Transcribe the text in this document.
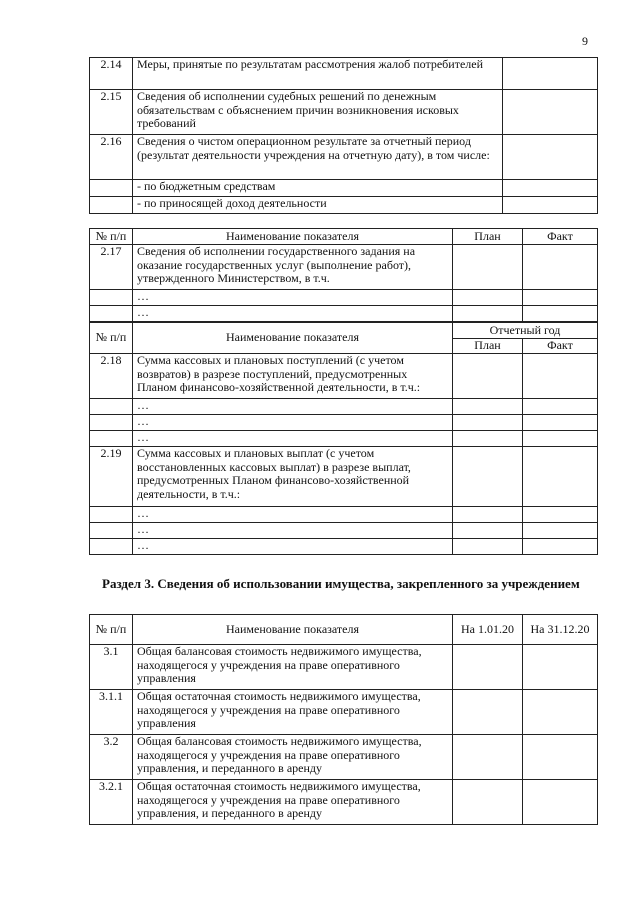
9
2.14	Меры, принятые по результатам рассмотрения жалоб потребителей		
2.15	Сведения об исполнении судебных решений по денежным обязательствам с объяснением причин возникновения исковых требований		
2.16	Сведения о чистом операционном результате за отчетный период (результат деятельности учреждения на отчетную дату), в том числе:		
	- по бюджетным средствам		
	- по приносящей доход деятельности		
№ п/п	Наименование показателя	План	Факт
2.17	Сведения об исполнении государственного задания на оказание государственных услуг (выполнение работ), утвержденного Министерством, в т.ч.		
	…		
	…		
№ п/п	Наименование показателя	Отчетный год	
		План	Факт
2.18	Сумма кассовых и плановых поступлений (с учетом возвратов) в разрезе поступлений, предусмотренных Планом финансово-хозяйственной деятельности, в т.ч.:		
	…		
	…		
	…		
2.19	Сумма кассовых и плановых выплат (с учетом восстановленных кассовых выплат) в разрезе выплат, предусмотренных Планом финансово-хозяйственной деятельности, в т.ч.:		
	…		
	…		
	…		
Раздел 3. Сведения об использовании имущества, закрепленного за учреждением
№ п/п	Наименование показателя	На 1.01.20	На 31.12.20
3.1	Общая балансовая стоимость недвижимого имущества, находящегося у учреждения на праве оперативного управления		
3.1.1	Общая остаточная стоимость недвижимого имущества, находящегося у учреждения на праве оперативного управления		
3.2	Общая балансовая стоимость недвижимого имущества, находящегося у учреждения на праве оперативного управления, и переданного в аренду		
3.2.1	Общая остаточная стоимость недвижимого имущества, находящегося у учреждения на праве оперативного управления, и переданного в аренду		
